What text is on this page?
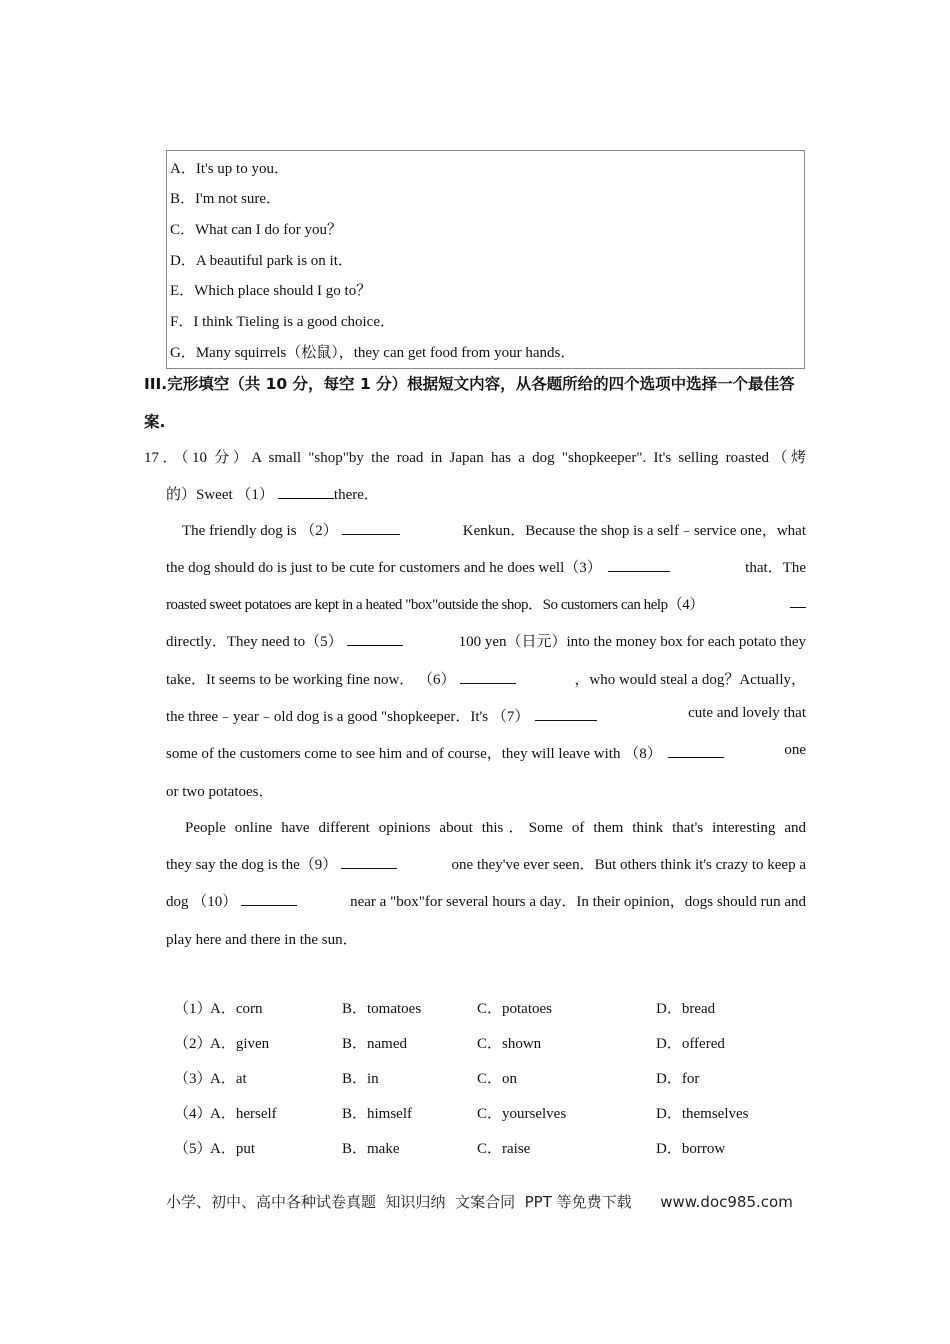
A．It's up to you．
B．I'm not sure．
C．What can I do for you？
D．A beautiful park is on it．
E．Which place should I go to？
F．I think Tieling is a good choice．
G．Many squirrels（松鼠），they can get food from your hands．
III.完形填空（共 10 分，每空 1 分）根据短文内容，从各题所给的四个选项中选择一个最佳答案.
17．（10 分）A small "shop"by the road in Japan has a dog "shopkeeper". It's selling roasted（烤
的）Sweet （1）	there．
The friendly dog is （2）	Kenkun．Because the shop is a self﹣service one，what
the dog should do is just to be cute for customers and he does well（3）	that．The
roasted sweet potatoes are kept in a heated "box"outside the shop．So customers can help（4）
directly．They need to（5）	100 yen（日元）into the money box for each potato they
take．It seems to be working fine now． （6）	，who would steal a dog？Actually，
the three﹣year﹣old dog is a good "shopkeeper．It's （7）	cute and lovely that
some of the customers come to see him and of course，they will leave with （8）	one
or two potatoes．
People online have different opinions about this．Some of them think that's interesting and
they say the dog is the（9）	one they've ever seen．But others think it's crazy to keep a
dog （10）	near a "box"for several hours a day．In their opinion，dogs should run and
play here and there in the sun．
（1）
A．corn	B．tomatoes	C．potatoes	D．bread
（2）
A．given	B．named	C．shown	D．offered
（3）
A．at	B．in	C．on	D．for
（4）
A．herself	B．himself	C．yourselves	D．themselves
（5）
A．put	B．make	C．raise	D．borrow
小学、初中、高中各种试卷真题  知识归纳  文案合同  PPT 等免费下载      www.doc985.com
